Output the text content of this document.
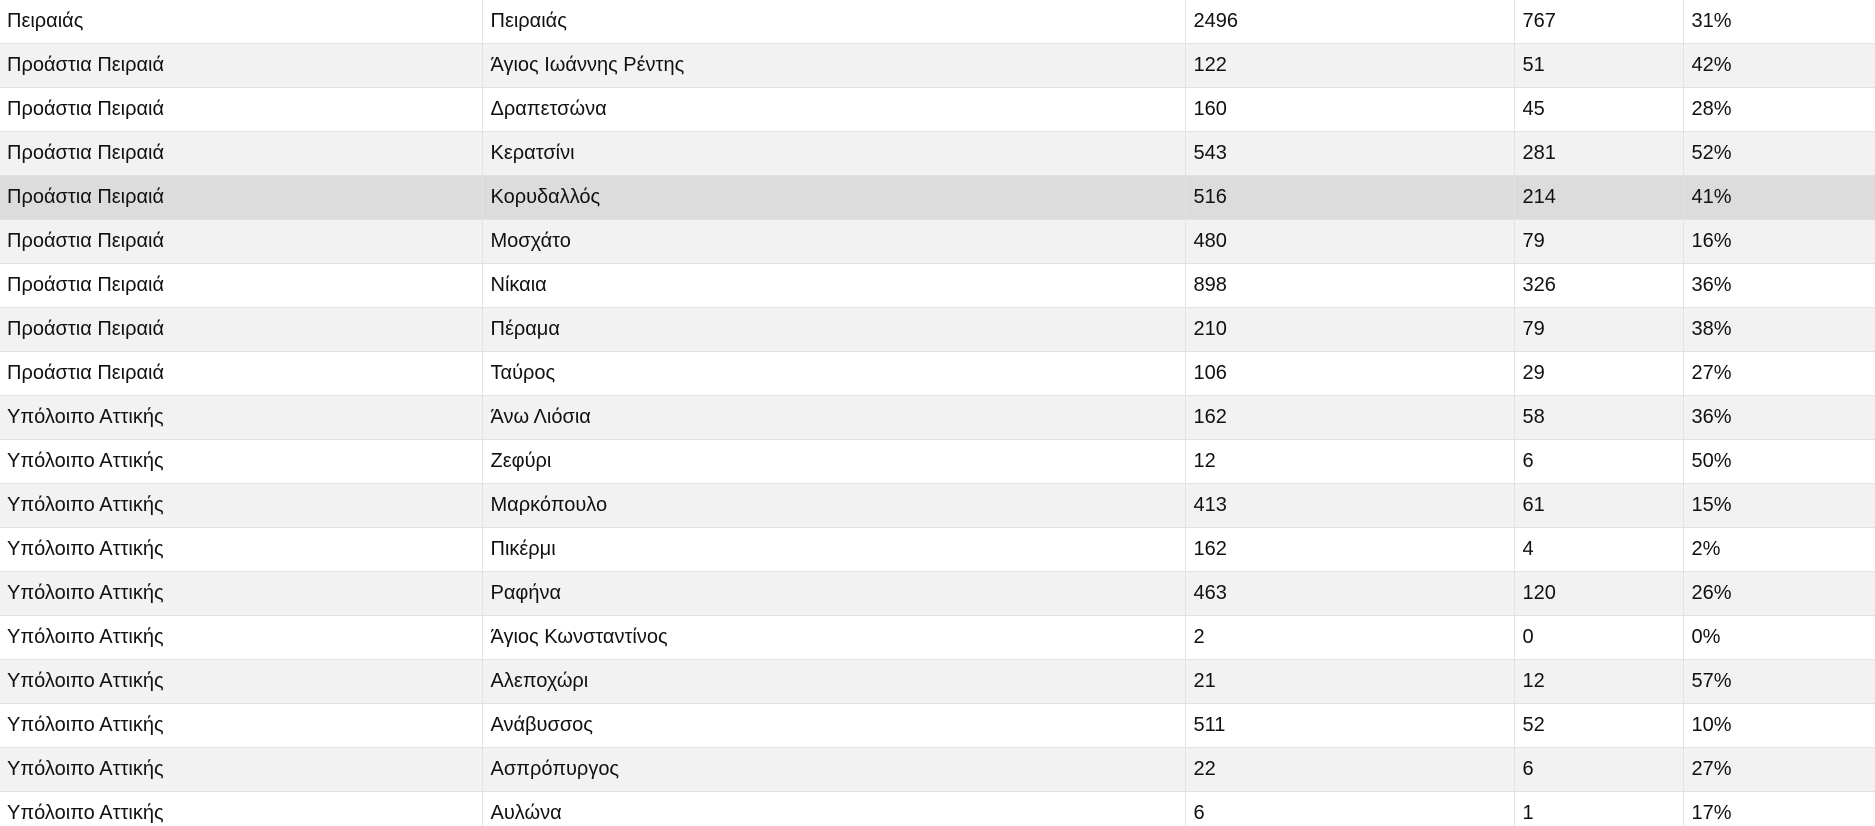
Πειραιάς	Πειραιάς	2496	767	31%
Προάστια Πειραιά	Άγιος Ιωάννης Ρέντης	122	51	42%
Προάστια Πειραιά	Δραπετσώνα	160	45	28%
Προάστια Πειραιά	Κερατσίνι	543	281	52%
Προάστια Πειραιά	Κορυδαλλός	516	214	41%
Προάστια Πειραιά	Μοσχάτο	480	79	16%
Προάστια Πειραιά	Νίκαια	898	326	36%
Προάστια Πειραιά	Πέραμα	210	79	38%
Προάστια Πειραιά	Ταύρος	106	29	27%
Υπόλοιπο Αττικής	Άνω Λιόσια	162	58	36%
Υπόλοιπο Αττικής	Ζεφύρι	12	6	50%
Υπόλοιπο Αττικής	Μαρκόπουλο	413	61	15%
Υπόλοιπο Αττικής	Πικέρμι	162	4	2%
Υπόλοιπο Αττικής	Ραφήνα	463	120	26%
Υπόλοιπο Αττικής	Άγιος Κωνσταντίνος	2	0	0%
Υπόλοιπο Αττικής	Αλεποχώρι	21	12	57%
Υπόλοιπο Αττικής	Ανάβυσσος	511	52	10%
Υπόλοιπο Αττικής	Ασπρόπυργος	22	6	27%
Υπόλοιπο Αττικής	Αυλώνα	6	1	17%
